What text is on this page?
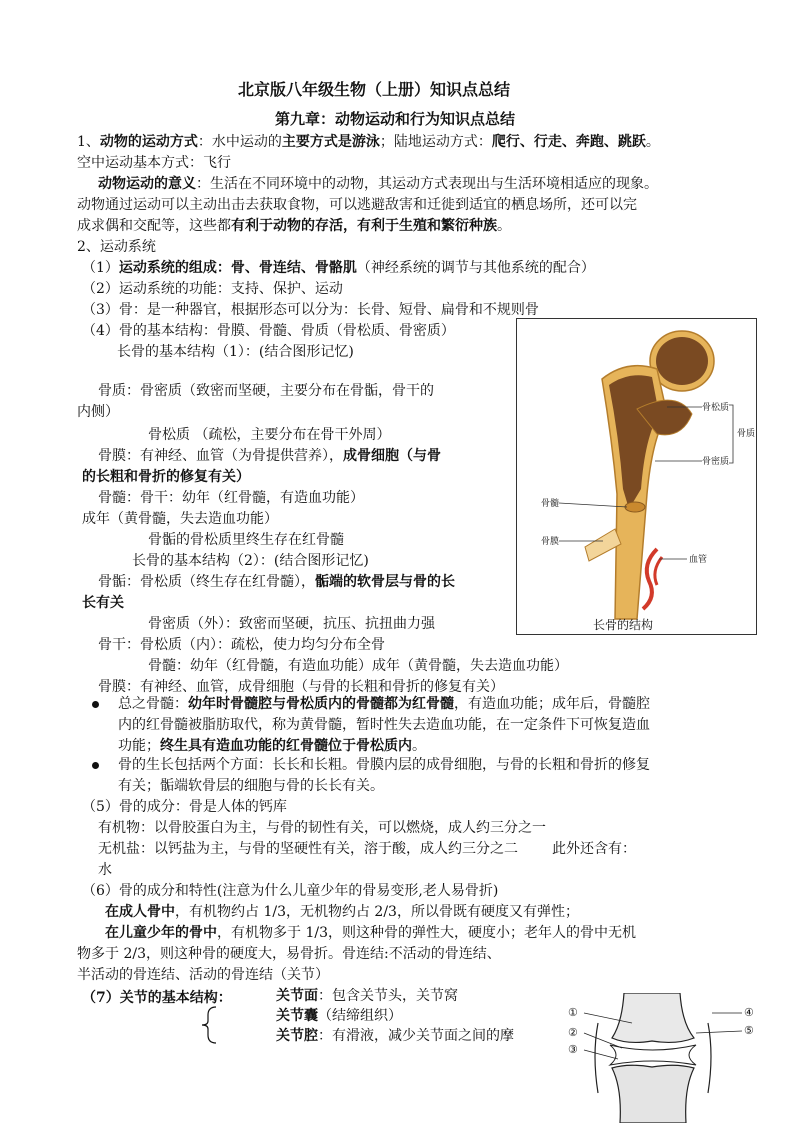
北京版八年级生物（上册）知识点总结
第九章：动物运动和行为知识点总结
1、动物的运动方式：水中运动的主要方式是游泳；陆地运动方式：爬行、行走、奔跑、跳跃。
空中运动基本方式：飞行
动物运动的意义：生活在不同环境中的动物，其运动方式表现出与生活环境相适应的现象。
动物通过运动可以主动出击去获取食物，可以逃避敌害和迁徙到适宜的栖息场所，还可以完
成求偶和交配等，这些都有利于动物的存活，有利于生殖和繁衍种族。
2、运动系统
（1）运动系统的组成：骨、骨连结、骨骼肌（神经系统的调节与其他系统的配合）
（2）运动系统的功能：支持、保护、运动
（3）骨：是一种器官，根据形态可以分为：长骨、短骨、扁骨和不规则骨
（4）骨的基本结构：骨膜、骨髓、骨质（骨松质、骨密质）
长骨的基本结构（1）：(结合图形记忆)
骨质：骨密质（致密而坚硬，主要分布在骨骺，骨干的
内侧）
骨松质 （疏松，主要分布在骨干外周）
骨膜：有神经、血管（为骨提供营养），成骨细胞（与骨
的长粗和骨折的修复有关）
骨髓：骨干：幼年（红骨髓，有造血功能）
成年（黄骨髓，失去造血功能）
骨骺的骨松质里终生存在红骨髓
长骨的基本结构（2）：(结合图形记忆)
骨骺：骨松质（终生存在红骨髓），骺端的软骨层与骨的长
长有关
骨密质（外）：致密而坚硬，抗压、抗扭曲力强
骨干：骨松质（内）：疏松，使力均匀分布全骨
骨髓：幼年（红骨髓，有造血功能）成年（黄骨髓，失去造血功能）
骨膜：有神经、血管，成骨细胞（与骨的长粗和骨折的修复有关）
总之骨髓：幼年时骨髓腔与骨松质内的骨髓都为红骨髓，有造血功能；成年后，骨髓腔
内的红骨髓被脂肪取代，称为黄骨髓，暂时性失去造血功能，在一定条件下可恢复造血
功能；终生具有造血功能的红骨髓位于骨松质内。
骨的生长包括两个方面：长长和长粗。骨膜内层的成骨细胞，与骨的长粗和骨折的修复
有关；骺端软骨层的细胞与骨的长长有关。
（5）骨的成分：骨是人体的钙库
有机物：以骨胶蛋白为主，与骨的韧性有关，可以燃烧，成人约三分之一
无机盐：以钙盐为主，与骨的坚硬性有关，溶于酸，成人约三分之二 此外还含有：
水
（6）骨的成分和特性(注意为什么儿童少年的骨易变形,老人易骨折)
在成人骨中，有机物约占 1/3，无机物约占 2/3，所以骨既有硬度又有弹性；
在儿童少年的骨中，有机物多于 1/3，则这种骨的弹性大，硬度小；老年人的骨中无机
物多于 2/3，则这种骨的硬度大，易骨折。骨连结:不活动的骨连结、
半活动的骨连结、活动的骨连结（关节）
（7）关节的基本结构：	关节面：包含关节头，关节窝
关节囊（结缔组织）
关节腔：有滑液，减少关节面之间的摩
骨松质
骨密质
骨质
骨髓
骨膜
血管
长骨的结构
①
②
③
④
⑤
